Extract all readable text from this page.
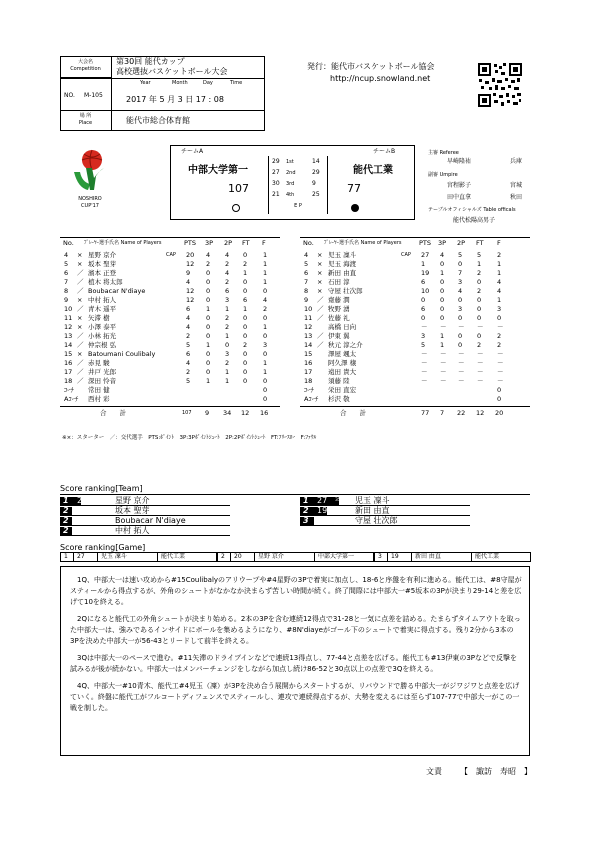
大会名
Competition
第30回 能代カップ
高校選抜バスケットボール大会
NO. M-105
Year	Month	Day	Time
2017 年 5 月 3 日 17 : 08
場 所
Place	能代市総合体育館
発行：能代市バスケットボール協会
http://ncup.snowland.net
NOSHIRO
CUP'17
チームA	チームB
中部大学第一	能代工業
29 1st	14
27 2nd	29
30 3rd	9
21 4th	25
E P
107	77
主審 Referee
早崎隆祐	兵庫
副審 Umpire
宮程影子	宮城
田中直拿	秋田
テーブルオフィシャルズ Table officals
能代松陽高男子
No. ﾌﾟﾚｰﾔｰ選手氏名 Name of Players	PTS 3P 2P FT F
4 × 星野 京介	CAP 20 4 4 0 1
5 × 坂本 聖芽	12 2 2 2 1
6 ／ 濱本 正登	9 0 4 1 1
7 ／ 植木 将太郎	4 0 2 0 1
8 ／ Boubacar N'diaye	12 0 6 0 0
9 × 中村 拓人	12 0 3 6 4
10 ／ 青木 遥平	6 1 1 1 2
11 × 矢滞 樹	4 0 2 0 0
12 × 小澤 泰平	4 0 2 0 1
13 ／ 小林 拓光	2 0 1 0 0
14 ／ 仲宗根 弘	5 1 0 2 3
15 × Batoumani Coulibaly	6 0 3 0 0
16 ／ 赤見 駿	4 0 2 0 1
17 ／ 井戸 光郎	2 0 1 0 1
18 ／ 深田 怜音	5 1 1 0 0
ｺｰﾁ 常田 健	0
Aｺｰﾁ 西村 彩	0
合　　計	107 9 34 12 16
No. ﾌﾟﾚｰﾔｰ選手氏名 Name of Players	PTS 3P 2P FT F
4 × 児玉 凜斗	CAP 27 4 5 5 2
5 × 児玉 海渡	1 0 0 1 1
6 × 新田 由直	19 1 7 2 1
7 × 石田 淳	6 0 3 0 4
8 × 守屋 壮次郎	10 0 4 2 4
9 ／ 齋藤 潤	0 0 0 0 1
10 ／ 牧野 湧	6 0 3 0 3
11 ／ 佐藤 礼	0 0 0 0 0
12 高橋 日向	－ － － － －
13 ／ 伊東 翼	3 1 0 0 2
14 ／ 秋元 淳之介	5 1 0 2 2
15 澤屋 颯太	－ － － － －
16 阿久澤 穣	－ － － － －
17 遠田 貴大	－ － － － －
18 須藤 陸	－ － － － －
ｺｰﾁ 栄田 直宏	0
Aｺｰﾁ 杉沢 敬	0
合　　計	77 7 22 12 20
※×：スターター　／：交代選手　PTS:ﾎﾟｲﾝﾄ　3P:3Pﾎﾟｲﾝﾄｼｭｰﾄ　2P:2Pﾎﾟｲﾝﾄｼｭｰﾄ　FT:ﾌﾘｰｽﾛｰ　F:ﾌｧｳﾙ
Score ranking[Team]
1 20 18.69% 星野 京介
2 12 11.21% 坂本 聖芽
2 12 11.21% Boubacar N'diaye
2 12 11.21% 中村 拓人
1 27 35.06% 児玉 凜斗
2 19 24.68% 新田 由直
3 10 12.99% 守屋 壮次郎
Score ranking[Game]
1 27	児玉 凜斗	能代工業	2 20	星野 京介	中部大学第一	3 19	新田 由直	能代工業

1Q、中部大一は速い攻めから#15Coulibalyのアリウープや#4星野の3Pで着実に加点し、18-6と序盤を有利に進める。能代工は、#8守屋がスティールから得点するが、外角のシュートがなかなか決まらず苦しい時間が続く。終了間際には中部大一#5坂本の3Pが決まり29-14と差を広げて10を終える。

2Qになると能代工の外角シュートが決まり始める。2本の3Pを含む連続12得点で31-28と一気に点差を詰める。たまらずタイムアウトを取った中部大一は、強みであるインサイドにボールを集めるようになり、#8N'diayeがゴール下のシュートで着実に得点する。残り2分から3本の3Pを決めた中部大一が56-43とリードして前半を終える。

3Qは中部大一のペースで進む。#11矢滞のドライブインなどで連続13得点し、77-44と点差を広げる。能代工も#13伊東の3Pなどで反撃を試みるが後が続かない。中部大一はメンバーチェンジをしながら加点し続け86-52と30点以上の点差で3Qを終える。

4Q、中部大一#10青木、能代工#4児玉（凜）が3Pを決め合う展開からスタートするが、リバウンドで勝る中部大一がジワジワと点差を広げていく。終盤に能代工がフルコートディフェンスでスティールし、連攻で連続得点するが、大勢を変えるには至らず107-77で中部大一がこの一戦を制した。

文責 【　諏訪　寿昭　】
